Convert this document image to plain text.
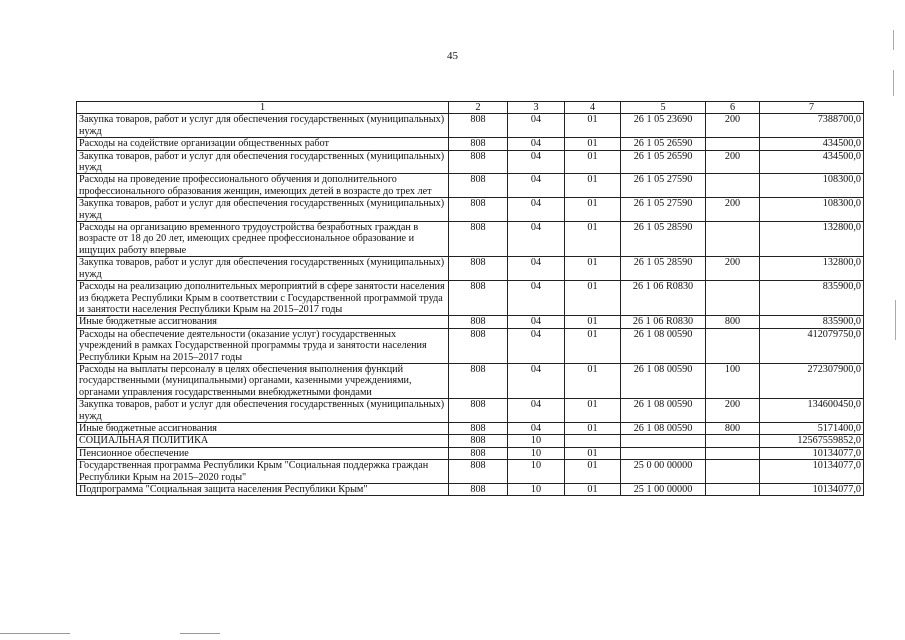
45
1	2	3	4	5	6	7
Закупка товаров, работ и услуг для обеспечения государственных (муниципальных) нужд	808	04	01	26 1 05 23690	200	7388700,0
Расходы на содействие организации общественных работ	808	04	01	26 1 05 26590		434500,0
Закупка товаров, работ и услуг для обеспечения государственных (муниципальных) нужд	808	04	01	26 1 05 26590	200	434500,0
Расходы на проведение профессионального обучения и дополнительного профессионального образования женщин, имеющих детей в возрасте до трех лет	808	04	01	26 1 05 27590		108300,0
Закупка товаров, работ и услуг для обеспечения государственных (муниципальных) нужд	808	04	01	26 1 05 27590	200	108300,0
Расходы на организацию временного трудоустройства безработных граждан в возрасте от 18 до 20 лет, имеющих среднее профессиональное образование и ищущих работу впервые	808	04	01	26 1 05 28590		132800,0
Закупка товаров, работ и услуг для обеспечения государственных (муниципальных) нужд	808	04	01	26 1 05 28590	200	132800,0
Расходы на реализацию дополнительных мероприятий в сфере занятости населения из бюджета Республики Крым в соответствии с Государственной программой труда и занятости населения Республики Крым на 2015–2017 годы	808	04	01	26 1 06 R0830		835900,0
Иные бюджетные ассигнования	808	04	01	26 1 06 R0830	800	835900,0
Расходы на обеспечение деятельности (оказание услуг) государственных учреждений в рамках Государственной программы труда и занятости населения Республики Крым на 2015–2017 годы	808	04	01	26 1 08 00590		412079750,0
Расходы на выплаты персоналу в целях обеспечения выполнения функций государственными (муниципальными) органами, казенными учреждениями, органами управления государственными внебюджетными фондами	808	04	01	26 1 08 00590	100	272307900,0
Закупка товаров, работ и услуг для обеспечения государственных (муниципальных) нужд	808	04	01	26 1 08 00590	200	134600450,0
Иные бюджетные ассигнования	808	04	01	26 1 08 00590	800	5171400,0
СОЦИАЛЬНАЯ ПОЛИТИКА	808	10				12567559852,0
Пенсионное обеспечение	808	10	01			10134077,0
Государственная программа Республики Крым "Социальная поддержка граждан Республики Крым на 2015–2020 годы"	808	10	01	25 0 00 00000		10134077,0
Подпрограмма "Социальная защита населения Республики Крым"	808	10	01	25 1 00 00000		10134077,0
